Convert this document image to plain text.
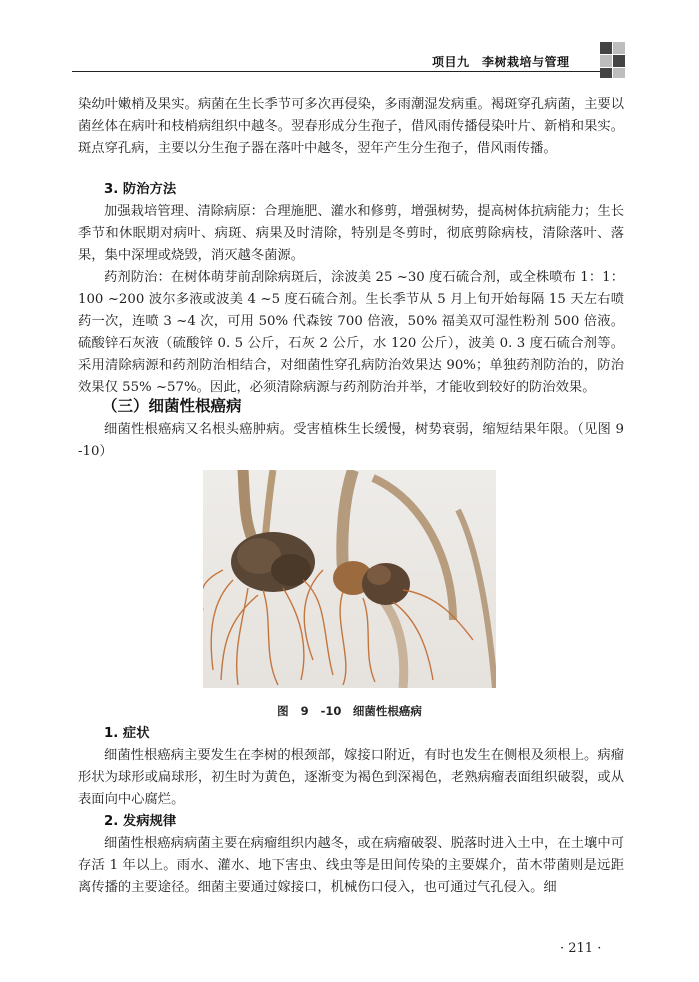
项目九　李树栽培与管理

染幼叶嫩梢及果实。病菌在生长季节可多次再侵染，多雨潮湿发病重。褐斑穿孔病菌，主要以菌丝体在病叶和枝梢病组织中越冬。翌春形成分生孢子，借风雨传播侵染叶片、新梢和果实。斑点穿孔病，主要以分生孢子器在落叶中越冬，翌年产生分生孢子，借风雨传播。

3. 防治方法

加强栽培管理、清除病原：合理施肥、灌水和修剪，增强树势，提高树体抗病能力；生长季节和休眠期对病叶、病斑、病果及时清除，特别是冬剪时，彻底剪除病枝，清除落叶、落果，集中深埋或烧毁，消灭越冬菌源。

药剂防治：在树体萌芽前刮除病斑后，涂波美 25 ~30 度石硫合剂，或全株喷布 1：1：100 ~200 波尔多液或波美 4 ~5 度石硫合剂。生长季节从 5 月上旬开始每隔 15 天左右喷药一次，连喷 3 ~4 次，可用 50% 代森铵 700 倍液，50% 福美双可湿性粉剂 500 倍液。硫酸锌石灰液（硫酸锌 0. 5 公斤，石灰 2 公斤，水 120 公斤），波美 0. 3 度石硫合剂等。采用清除病源和药剂防治相结合，对细菌性穿孔病防治效果达 90%；单独药剂防治的，防治效果仅 55% ~57%。因此，必须清除病源与药剂防治并举，才能收到较好的防治效果。

（三）细菌性根癌病

细菌性根癌病又名根头癌肿病。受害植株生长缓慢，树势衰弱，缩短结果年限。（见图 9 -10）

图 9 -10　细菌性根癌病

1. 症状

细菌性根癌病主要发生在李树的根颈部，嫁接口附近，有时也发生在侧根及须根上。病瘤形状为球形或扁球形，初生时为黄色，逐渐变为褐色到深褐色，老熟病瘤表面组织破裂，或从表面向中心腐烂。

2. 发病规律

细菌性根癌病病菌主要在病瘤组织内越冬，或在病瘤破裂、脱落时进入土中，在土壤中可存活 1 年以上。雨水、灌水、地下害虫、线虫等是田间传染的主要媒介，苗木带菌则是远距离传播的主要途径。细菌主要通过嫁接口，机械伤口侵入，也可通过气孔侵入。细

· 211 ·
